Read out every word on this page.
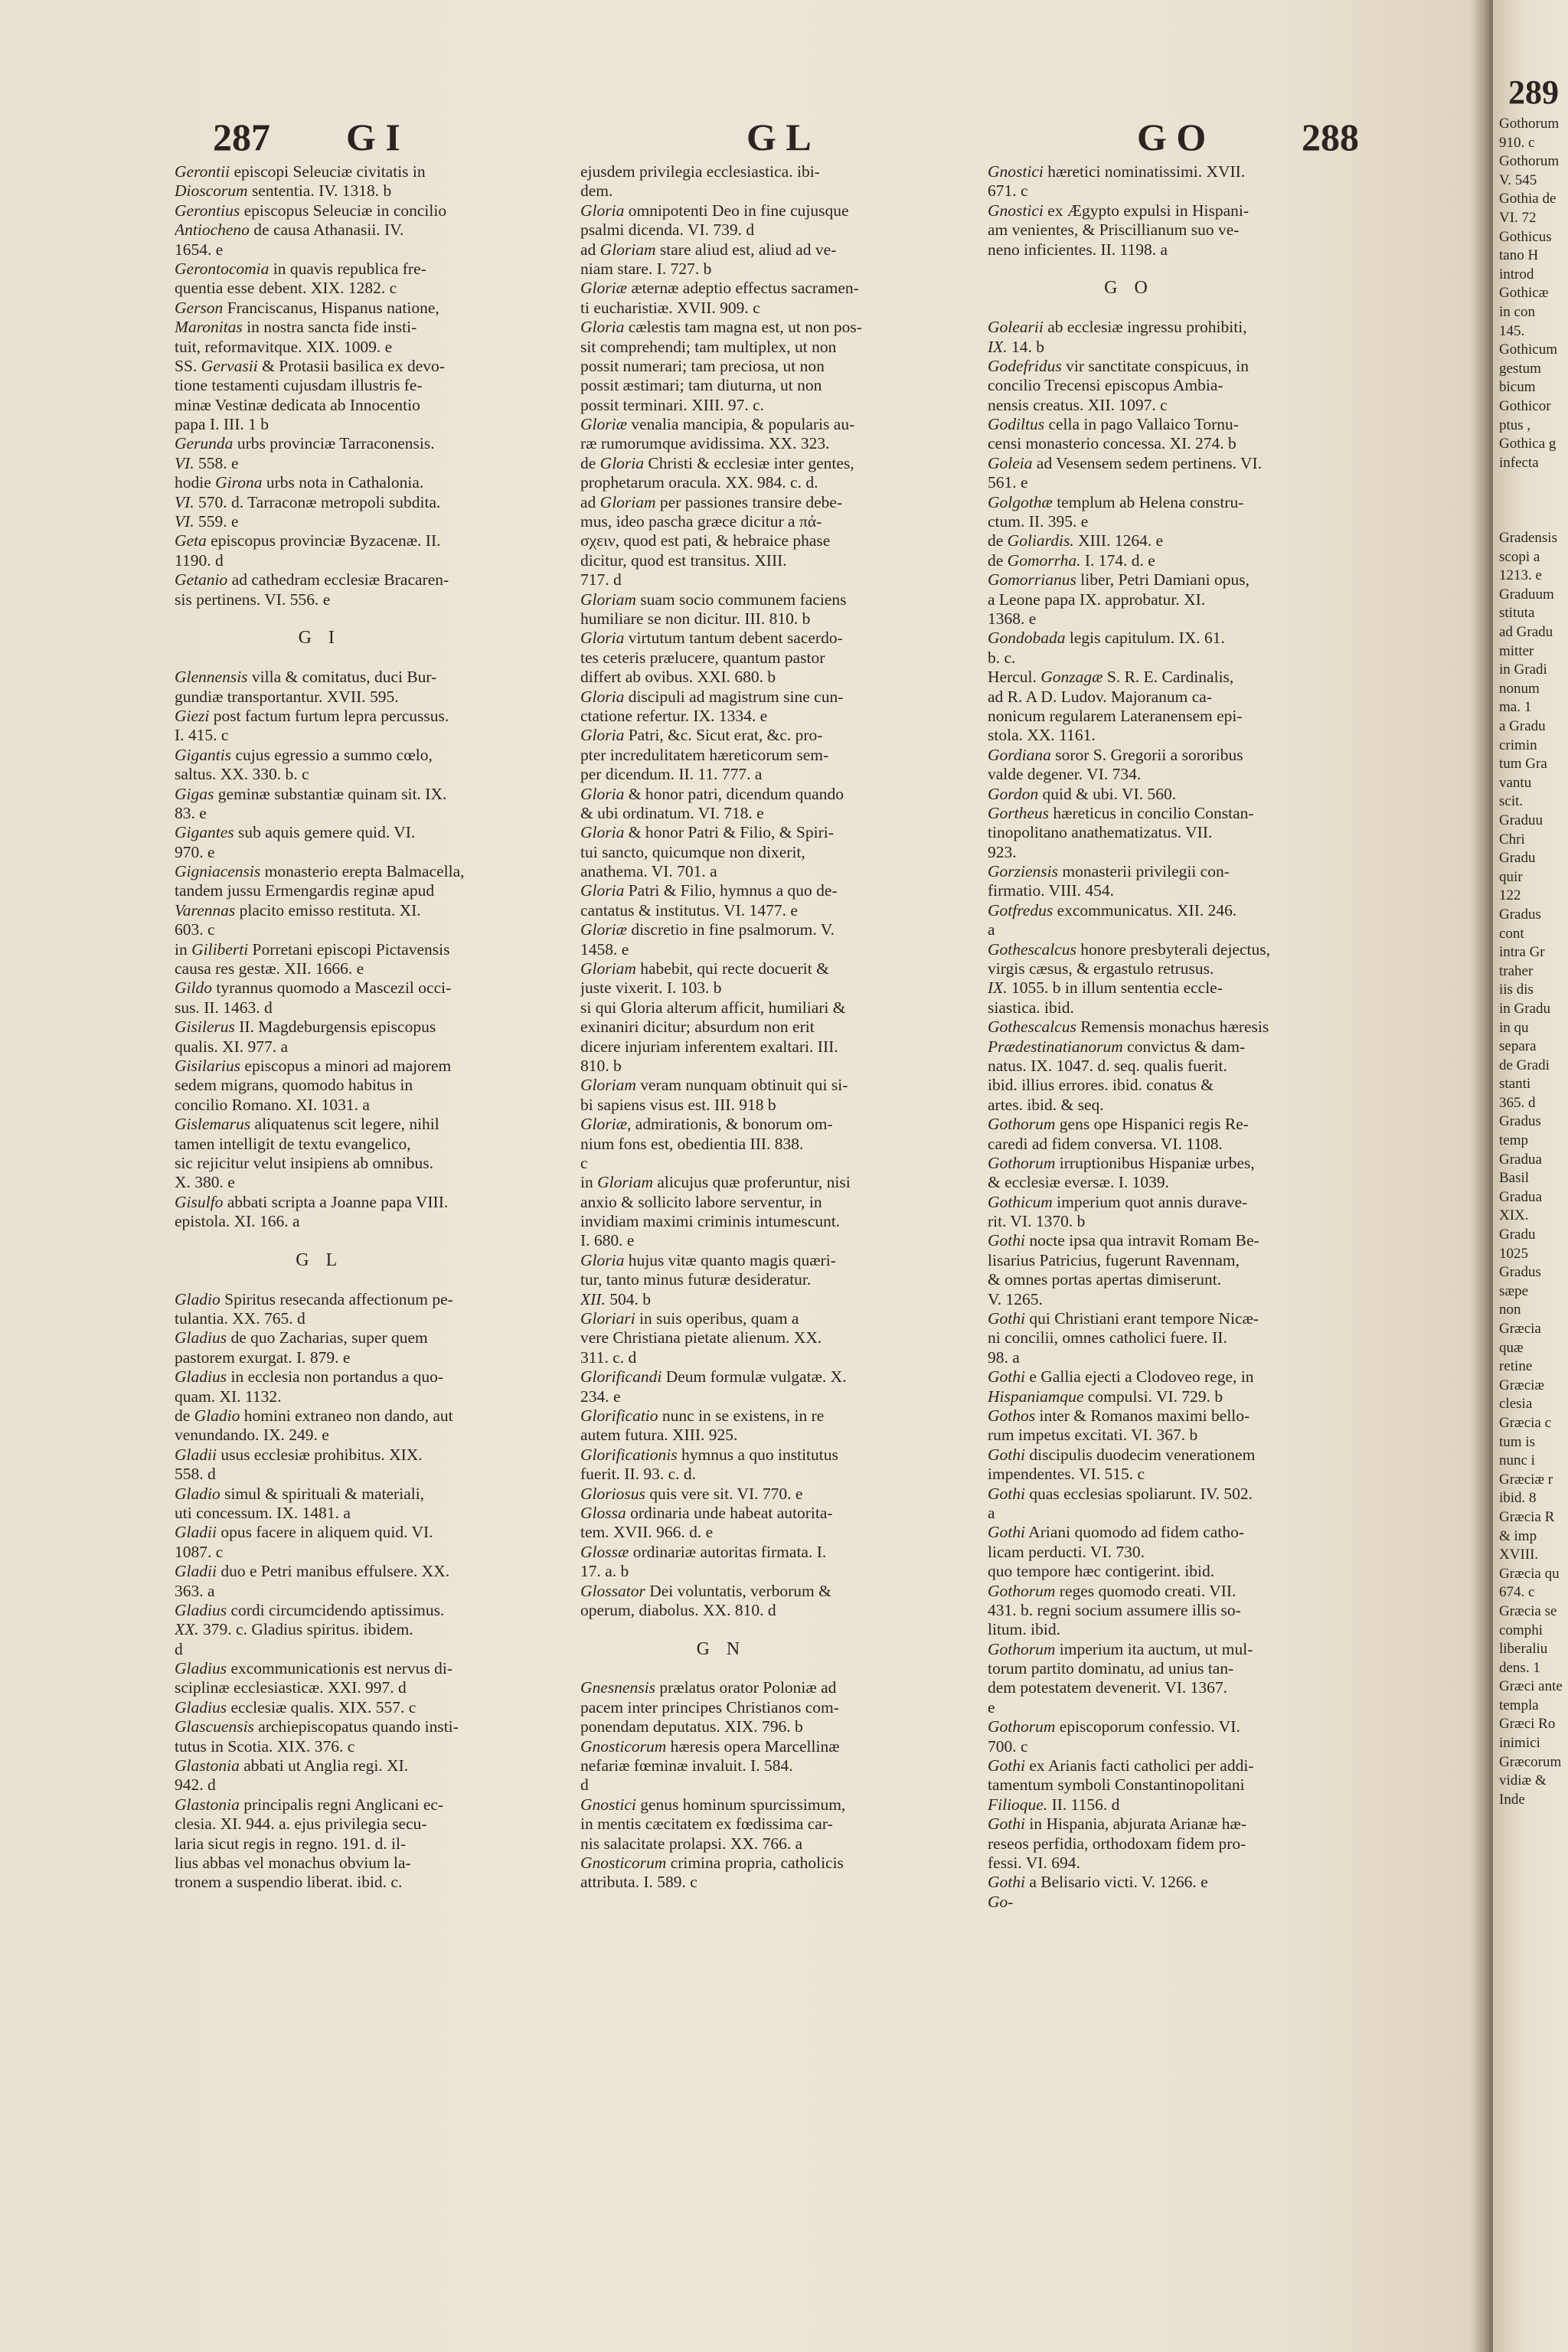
287 G I	G L	G O 288
Gerontii episcopi Seleuciæ civitatis in
Dioscorum sententia. IV. 1318. b
Gerontius episcopus Seleuciæ in concilio
Antiocheno de causa Athanasii. IV.
1654. e
Gerontocomia in quavis republica fre-
quentia esse debent. XIX. 1282. c
Gerson Franciscanus, Hispanus natione,
Maronitas in nostra sancta fide insti-
tuit, reformavitque. XIX. 1009. e
SS. Gervasii & Protasii basilica ex devo-
tione testamenti cujusdam illustris fe-
minæ Vestinæ dedicata ab Innocentio
papa I. III. 1 b
Gerunda urbs provinciæ Tarraconensis.
VI. 558. e
hodie Girona urbs nota in Cathalonia.
VI. 570. d. Tarraconæ metropoli subdita.
VI. 559. e
Geta episcopus provinciæ Byzacenæ. II.
1190. d
Getanio ad cathedram ecclesiæ Bracaren-
sis pertinens. VI. 556. e
G I
Glennensis villa & comitatus, duci Bur-
gundiæ transportantur. XVII. 595.
Giezi post factum furtum lepra percussus.
I. 415. c
Gigantis cujus egressio a summo cœlo,
saltus. XX. 330. b. c
Gigas geminæ substantiæ quinam sit. IX.
83. e
Gigantes sub aquis gemere quid. VI.
970. e
Gigniacensis monasterio erepta Balmacella,
tandem jussu Ermengardis reginæ apud
Varennas placito emisso restituta. XI.
603. c
in Giliberti Porretani episcopi Pictavensis
causa res gestæ. XII. 1666. e
Gildo tyrannus quomodo a Mascezil occi-
sus. II. 1463. d
Gisilerus II. Magdeburgensis episcopus
qualis. XI. 977. a
Gisilarius episcopus a minori ad majorem
sedem migrans, quomodo habitus in
concilio Romano. XI. 1031. a
Gislemarus aliquatenus scit legere, nihil
tamen intelligit de textu evangelico,
sic rejicitur velut insipiens ab omnibus.
X. 380. e
Gisulfo abbati scripta a Joanne papa VIII.
epistola. XI. 166. a
G L
Gladio Spiritus resecanda affectionum pe-
tulantia. XX. 765. d
Gladius de quo Zacharias, super quem
pastorem exurgat. I. 879. e
Gladius in ecclesia non portandus a quo-
quam. XI. 1132.
de Gladio homini extraneo non dando, aut
venundando. IX. 249. e
Gladii usus ecclesiæ prohibitus. XIX.
558. d
Gladio simul & spirituali & materiali,
uti concessum. IX. 1481. a
Gladii opus facere in aliquem quid. VI.
1087. c
Gladii duo e Petri manibus effulsere. XX.
363. a
Gladius cordi circumcidendo aptissimus.
XX. 379. c. Gladius spiritus. ibidem.
d
Gladius excommunicationis est nervus di-
sciplinæ ecclesiasticæ. XXI. 997. d
Gladius ecclesiæ qualis. XIX. 557. c
Glascuensis archiepiscopatus quando insti-
tutus in Scotia. XIX. 376. c
Glastonia abbati ut Anglia regi. XI.
942. d
Glastonia principalis regni Anglicani ec-
clesia. XI. 944. a. ejus privilegia secu-
laria sicut regis in regno. 191. d. il-
lius abbas vel monachus obvium la-
tronem a suspendio liberat. ibid. c.
ejusdem privilegia ecclesiastica. ibi-
dem.
Gloria omnipotenti Deo in fine cujusque
psalmi dicenda. VI. 739. d
ad Gloriam stare aliud est, aliud ad ve-
niam stare. I. 727. b
Gloriæ æternæ adeptio effectus sacramen-
ti eucharistiæ. XVII. 909. c
Gloria cælestis tam magna est, ut non pos-
sit comprehendi; tam multiplex, ut non
possit numerari; tam preciosa, ut non
possit æstimari; tam diuturna, ut non
possit terminari. XIII. 97. c.
Gloriæ venalia mancipia, & popularis au-
ræ rumorumque avidissima. XX. 323.
de Gloria Christi & ecclesiæ inter gentes,
prophetarum oracula. XX. 984. c. d.
ad Gloriam per passiones transire debe-
mus, ideo pascha græce dicitur a πά-
σχειν, quod est pati, & hebraice phase
dicitur, quod est transitus. XIII.
717. d
Gloriam suam socio communem faciens
humiliare se non dicitur. III. 810. b
Gloria virtutum tantum debent sacerdo-
tes ceteris prælucere, quantum pastor
differt ab ovibus. XXI. 680. b
Gloria discipuli ad magistrum sine cun-
ctatione refertur. IX. 1334. e
Gloria Patri, &c. Sicut erat, &c. pro-
pter incredulitatem hæreticorum sem-
per dicendum. II. 11. 777. a
Gloria & honor patri, dicendum quando
& ubi ordinatum. VI. 718. e
Gloria & honor Patri & Filio, & Spiri-
tui sancto, quicumque non dixerit,
anathema. VI. 701. a
Gloria Patri & Filio, hymnus a quo de-
cantatus & institutus. VI. 1477. e
Gloriæ discretio in fine psalmorum. V.
1458. e
Gloriam habebit, qui recte docuerit &
juste vixerit. I. 103. b
si qui Gloria alterum afficit, humiliari &
exinaniri dicitur; absurdum non erit
dicere injuriam inferentem exaltari. III.
810. b
Gloriam veram nunquam obtinuit qui si-
bi sapiens visus est. III. 918 b
Gloriæ, admirationis, & bonorum om-
nium fons est, obedientia III. 838.
c
in Gloriam alicujus quæ proferuntur, nisi
anxio & sollicito labore serventur, in
invidiam maximi criminis intumescunt.
I. 680. e
Gloria hujus vitæ quanto magis quæri-
tur, tanto minus futuræ desideratur.
XII. 504. b
Gloriari in suis operibus, quam a
vere Christiana pietate alienum. XX.
311. c. d
Glorificandi Deum formulæ vulgatæ. X.
234. e
Glorificatio nunc in se existens, in re
autem futura. XIII. 925.
Glorificationis hymnus a quo institutus
fuerit. II. 93. c. d.
Gloriosus quis vere sit. VI. 770. e
Glossa ordinaria unde habeat autorita-
tem. XVII. 966. d. e
Glossæ ordinariæ autoritas firmata. I.
17. a. b
Glossator Dei voluntatis, verborum &
operum, diabolus. XX. 810. d
G N
Gnesnensis prælatus orator Poloniæ ad
pacem inter principes Christianos com-
ponendam deputatus. XIX. 796. b
Gnosticorum hæresis opera Marcellinæ
nefariæ fœminæ invaluit. I. 584.
d
Gnostici genus hominum spurcissimum,
in mentis cæcitatem ex fœdissima car-
nis salacitate prolapsi. XX. 766. a
Gnosticorum crimina propria, catholicis
attributa. I. 589. c
Gnostici hæretici nominatissimi. XVII.
671. c
Gnostici ex Ægypto expulsi in Hispani-
am venientes, & Priscillianum suo ve-
neno inficientes. II. 1198. a
G O
Golearii ab ecclesiæ ingressu prohibiti,
IX. 14. b
Godefridus vir sanctitate conspicuus, in
concilio Trecensi episcopus Ambia-
nensis creatus. XII. 1097. c
Godiltus cella in pago Vallaico Tornu-
censi monasterio concessa. XI. 274. b
Goleia ad Vesensem sedem pertinens. VI.
561. e
Golgothæ templum ab Helena constru-
ctum. II. 395. e
de Goliardis. XIII. 1264. e
de Gomorrha. I. 174. d. e
Gomorrianus liber, Petri Damiani opus,
a Leone papa IX. approbatur. XI.
1368. e
Gondobada legis capitulum. IX. 61.
b. c.
Hercul. Gonzagæ S. R. E. Cardinalis,
ad R. A D. Ludov. Majoranum ca-
nonicum regularem Lateranensem epi-
stola. XX. 1161.
Gordiana soror S. Gregorii a sororibus
valde degener. VI. 734.
Gordon quid & ubi. VI. 560.
Gortheus hæreticus in concilio Constan-
tinopolitano anathematizatus. VII.
923.
Gorziensis monasterii privilegii con-
firmatio. VIII. 454.
Gotfredus excommunicatus. XII. 246.
a
Gothescalcus honore presbyterali dejectus,
virgis cæsus, & ergastulo retrusus.
IX. 1055. b in illum sententia eccle-
siastica. ibid.
Gothescalcus Remensis monachus hæresis
Prædestinatianorum convictus & dam-
natus. IX. 1047. d. seq. qualis fuerit.
ibid. illius errores. ibid. conatus &
artes. ibid. & seq.
Gothorum gens ope Hispanici regis Re-
caredi ad fidem conversa. VI. 1108.
Gothorum irruptionibus Hispaniæ urbes,
& ecclesiæ eversæ. I. 1039.
Gothicum imperium quot annis durave-
rit. VI. 1370. b
Gothi nocte ipsa qua intravit Romam Be-
lisarius Patricius, fugerunt Ravennam,
& omnes portas apertas dimiserunt.
V. 1265.
Gothi qui Christiani erant tempore Nicæ-
ni concilii, omnes catholici fuere. II.
98. a
Gothi e Gallia ejecti a Clodoveo rege, in
Hispaniamque compulsi. VI. 729. b
Gothos inter & Romanos maximi bello-
rum impetus excitati. VI. 367. b
Gothi discipulis duodecim venerationem
impendentes. VI. 515. c
Gothi quas ecclesias spoliarunt. IV. 502.
a
Gothi Ariani quomodo ad fidem catho-
licam perducti. VI. 730.
quo tempore hæc contigerint. ibid.
Gothorum reges quomodo creati. VII.
431. b. regni socium assumere illis so-
litum. ibid.
Gothorum imperium ita auctum, ut mul-
torum partito dominatu, ad unius tan-
dem potestatem devenerit. VI. 1367.
e
Gothorum episcoporum confessio. VI.
700. c
Gothi ex Arianis facti catholici per addi-
tamentum symboli Constantinopolitani
Filioque. II. 1156. d
Gothi in Hispania, abjurata Arianæ hæ-
reseos perfidia, orthodoxam fidem pro-
fessi. VI. 694.
Gothi a Belisario victi. V. 1266. e
Go-
289
Gothorum
910. c
Gothorum
V. 545
Gothia de
VI. 72
Gothicus
tano H
introd
Gothicæ
in con
145.
Gothicum
gestum
bicum
Gothicor
ptus ,
Gothica g
infecta
Gradensis
scopi a
1213. e
Graduum
stituta
ad Gradu
mitter
in Gradi
nonum
ma. 1
a Gradu
crimin
tum Gra
vantu
scit.
Graduu
Chri
Gradu
quir
122
Gradus
cont
intra Gr
traher
iis dis
in Gradu
in qu
separa
de Gradi
stanti
365. d
Gradus
temp
Gradua
Basil
Gradua
XIX.
Gradu
1025
Gradus
sæpe
non
Græcia
quæ
retine
Græciæ
clesia
Græcia c
tum is
nunc i
Græciæ r
ibid. 8
Græcia R
& imp
XVIII.
Græcia qu
674. c
Græcia se
comphi
liberaliu
dens. 1
Græci ante
templa
Græci Ro
inimici
Græcorum
vidiæ &
Inde
